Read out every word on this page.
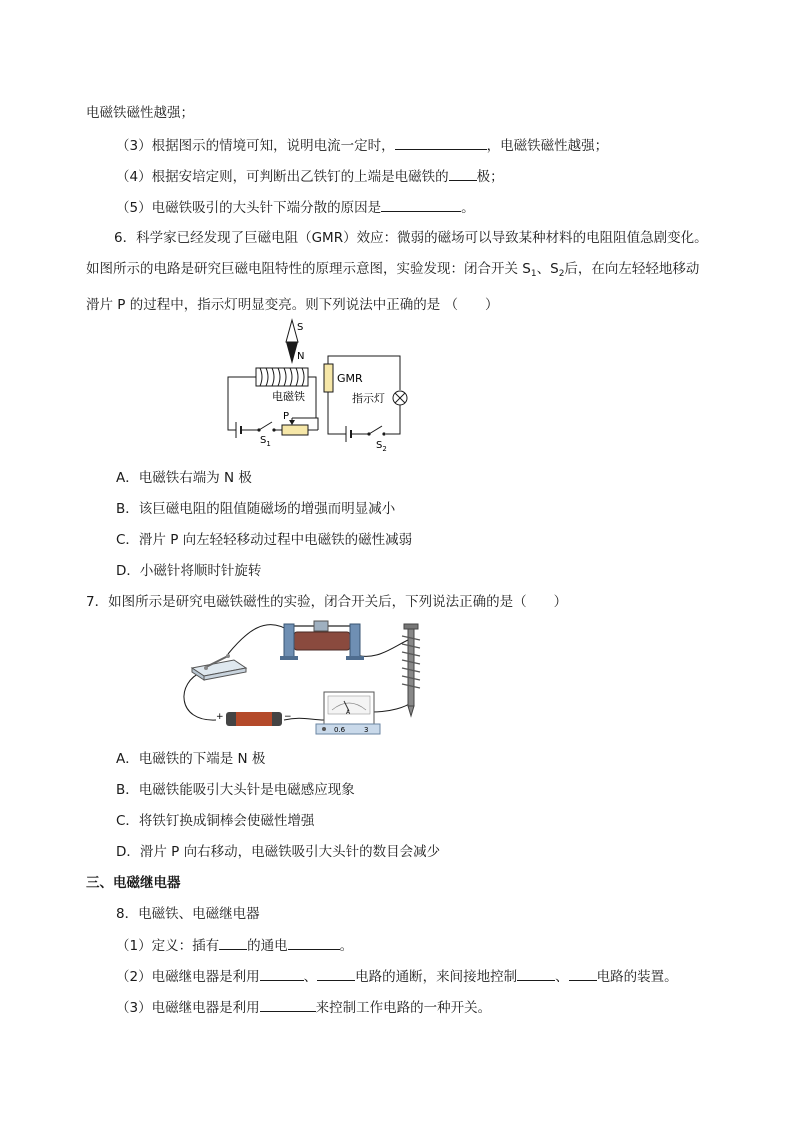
电磁铁磁性越强；
（3）根据图示的情境可知，说明电流一定时，	，电磁铁磁性越强；
（4）根据安培定则，可判断出乙铁钉的上端是电磁铁的 极；
（5）电磁铁吸引的大头针下端分散的原因是	。
6．科学家已经发现了巨磁电阻（GMR）效应：微弱的磁场可以导致某种材料的电阻阻值急剧变化。如图所示的电路是研究巨磁电阻特性的原理示意图，实验发现：闭合开关 $S_1$、$S_2$后，在向左轻轻地移动滑片 P 的过程中，指示灯明显变亮。则下列说法中正确的是 （　　）
S
N
电磁铁
$S_1$
P
GMR
指示灯
$S_2$
A．电磁铁右端为 N 极
B．该巨磁电阻的阻值随磁场的增强而明显减小
C．滑片 P 向左轻轻移动过程中电磁铁的磁性减弱
D．小磁针将顺时针旋转
7．如图所示是研究电磁铁磁性的实验，闭合开关后，下列说法正确的是（　　）
+	−	A
0.6	3
A．电磁铁的下端是 N 极
B．电磁铁能吸引大头针是电磁感应现象
C．将铁钉换成铜棒会使磁性增强
D．滑片 P 向右移动，电磁铁吸引大头针的数目会减少
三、电磁继电器
8．电磁铁、电磁继电器
（1）定义：插有 的通电	。
（2）电磁继电器是利用	、	电路的通断，来间接地控制	、 电路的装置。
（3）电磁继电器是利用	来控制工作电路的一种开关。
